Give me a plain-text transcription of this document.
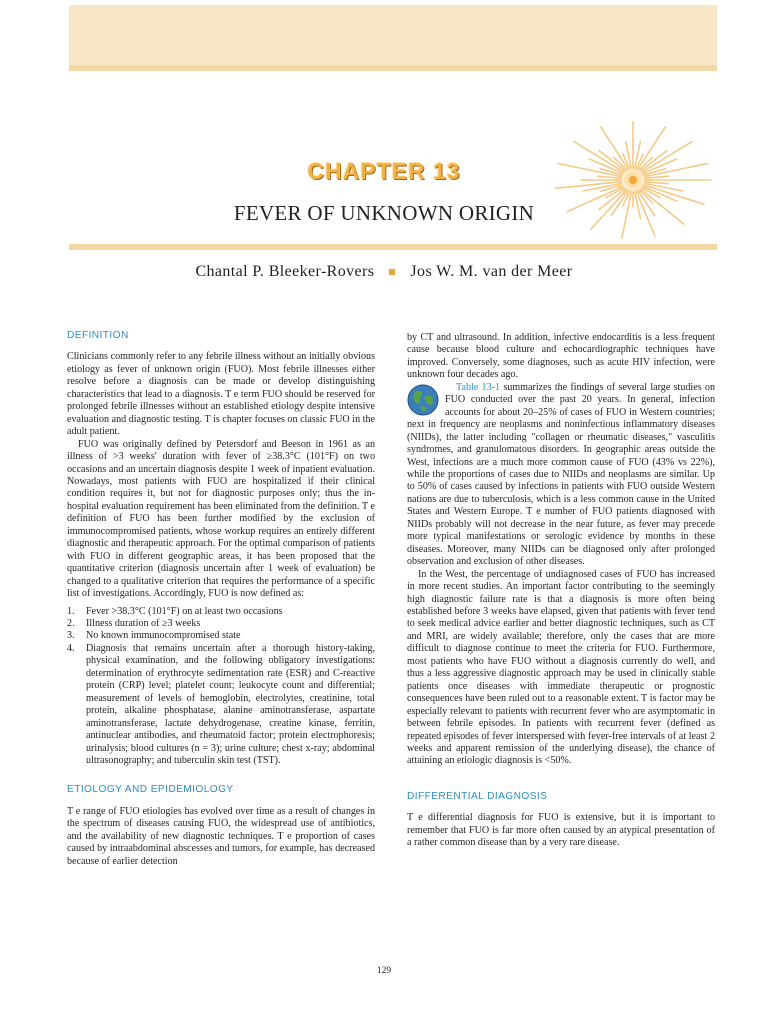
CHAPTER 13
FEVER OF UNKNOWN ORIGIN
Chantal P. Bleeker-Rovers Jos W. M. van der Meer
DEFINITION

Clinicians commonly refer to any febrile illness without an initially obvious etiology as fever of unknown origin (FUO). Most febrile illnesses either resolve before a diagnosis can be made or develop distinguishing characteristics that lead to a diagnosis. T e term FUO should be reserved for prolonged febrile illnesses without an established etiology despite intensive evaluation and diagnostic testing. T is chapter focuses on classic FUO in the adult patient.

FUO was originally defined by Petersdorf and Beeson in 1961 as an illness of >3 weeks' duration with fever of ≥38.3°C (101°F) on two occasions and an uncertain diagnosis despite 1 week of inpatient evaluation. Nowadays, most patients with FUO are hospitalized if their clinical condition requires it, but not for diagnostic purposes only; thus the in-hospital evaluation requirement has been eliminated from the definition. T e definition of FUO has been further modified by the exclusion of immunocompromised patients, whose workup requires an entirely different diagnostic and therapeutic approach. For the optimal comparison of patients with FUO in different geographic areas, it has been proposed that the quantitative criterion (diagnosis uncertain after 1 week of evaluation) be changed to a qualitative criterion that requires the performance of a specific list of investigations. Accordingly, FUO is now defined as:

1. Fever >38.3°C (101°F) on at least two occasions
2. Illness duration of ≥3 weeks
3. No known immunocompromised state
4. Diagnosis that remains uncertain after a thorough history-taking, physical examination, and the following obligatory investigations: determination of erythrocyte sedimentation rate (ESR) and C-reactive protein (CRP) level; platelet count; leukocyte count and differential; measurement of levels of hemoglobin, electrolytes, creatinine, total protein, alkaline phosphatase, alanine aminotransferase, aspartate aminotransferase, lactate dehydrogenase, creatine kinase, ferritin, antinuclear antibodies, and rheumatoid factor; protein electrophoresis; urinalysis; blood cultures (n = 3); urine culture; chest x-ray; abdominal ultrasonography; and tuberculin skin test (TST).
ETIOLOGY AND EPIDEMIOLOGY

T e range of FUO etiologies has evolved over time as a result of changes in the spectrum of diseases causing FUO, the widespread use of antibiotics, and the availability of new diagnostic techniques. T e proportion of cases caused by intraabdominal abscesses and tumors, for example, has decreased because of earlier detection

by CT and ultrasound. In addition, infective endocarditis is a less frequent cause because blood culture and echocardiographic techniques have improved. Conversely, some diagnoses, such as acute HIV infection, were unknown four decades ago.

Table 13-1 summarizes the findings of several large studies on FUO conducted over the past 20 years. In general, infection accounts for about 20–25% of cases of FUO in Western countries; next in frequency are neoplasms and noninfectious inflammatory diseases (NIIDs), the latter including "collagen or rheumatic diseases," vasculitis syndromes, and granulomatous disorders. In geographic areas outside the West, infections are a much more common cause of FUO (43% vs 22%), while the proportions of cases due to NIIDs and neoplasms are similar. Up to 50% of cases caused by infections in patients with FUO outside Western nations are due to tuberculosis, which is a less common cause in the United States and Western Europe. T e number of FUO patients diagnosed with NIIDs probably will not decrease in the near future, as fever may precede more typical manifestations or serologic evidence by months in these diseases. Moreover, many NIIDs can be diagnosed only after prolonged observation and exclusion of other diseases.

In the West, the percentage of undiagnosed cases of FUO has increased in more recent studies. An important factor contributing to the seemingly high diagnostic failure rate is that a diagnosis is more often being established before 3 weeks have elapsed, given that patients with fever tend to seek medical advice earlier and better diagnostic techniques, such as CT and MRI, are widely available; therefore, only the cases that are more difficult to diagnose continue to meet the criteria for FUO. Furthermore, most patients who have FUO without a diagnosis currently do well, and thus a less aggressive diagnostic approach may be used in clinically stable patients once diseases with immediate therapeutic or prognostic consequences have been ruled out to a reasonable extent. T is factor may be especially relevant to patients with recurrent fever who are asymptomatic in between febrile episodes. In patients with recurrent fever (defined as repeated episodes of fever interspersed with fever-free intervals of at least 2 weeks and apparent remission of the underlying disease), the chance of attaining an etiologic diagnosis is <50%.

DIFFERENTIAL DIAGNOSIS

T e differential diagnosis for FUO is extensive, but it is important to remember that FUO is far more often caused by an atypical presentation of a rather common disease than by a very rare disease.

129
